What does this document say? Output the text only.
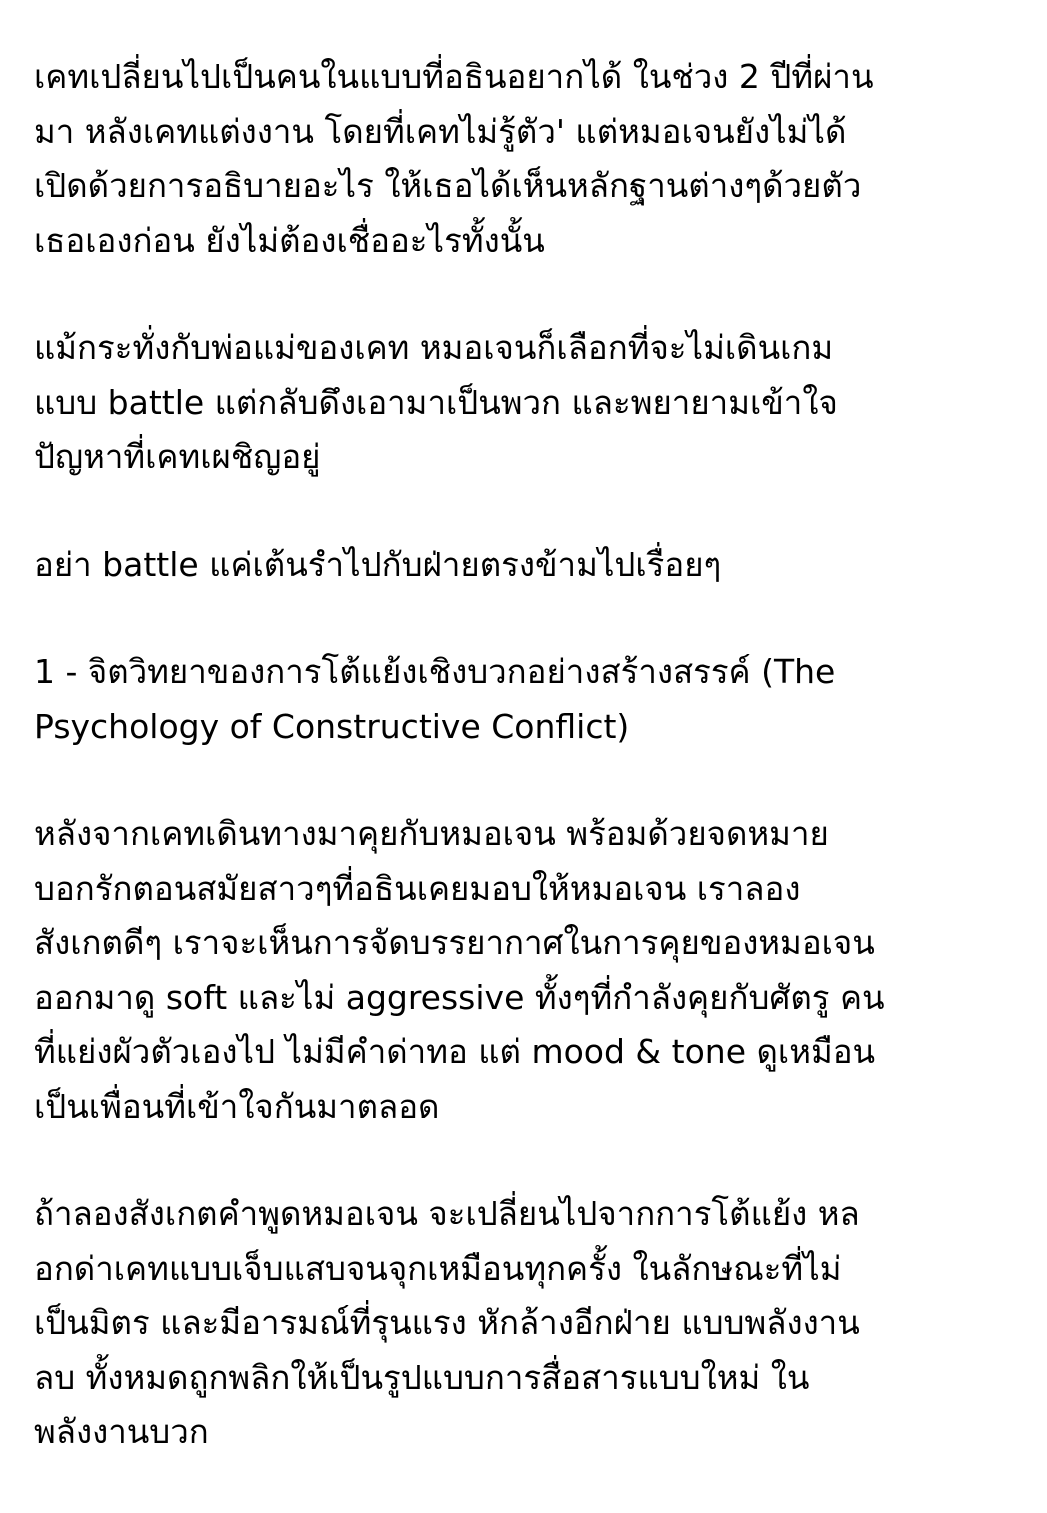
เคทเปลี่ยนไปเป็นคนในแบบที่อธินอยากได้ ในช่วง 2 ปีที่ผ่าน
มา หลังเคทแต่งงาน โดยที่เคทไม่รู้ตัว' แต่หมอเจนยังไม่ได้
เปิดด้วยการอธิบายอะไร ให้เธอได้เห็นหลักฐานต่างๆด้วยตัว
เธอเองก่อน ยังไม่ต้องเชื่ออะไรทั้งนั้น

แม้กระทั่งกับพ่อแม่ของเคท หมอเจนก็เลือกที่จะไม่เดินเกม
แบบ battle แต่กลับดึงเอามาเป็นพวก และพยายามเข้าใจ
ปัญหาที่เคทเผชิญอยู่

อย่า battle แค่เต้นรำไปกับฝ่ายตรงข้ามไปเรื่อยๆ

1 - จิตวิทยาของการโต้แย้งเชิงบวกอย่างสร้างสรรค์ (The
Psychology of Constructive Conflict)

หลังจากเคทเดินทางมาคุยกับหมอเจน พร้อมด้วยจดหมาย
บอกรักตอนสมัยสาวๆที่อธินเคยมอบให้หมอเจน เราลอง
สังเกตดีๆ เราจะเห็นการจัดบรรยากาศในการคุยของหมอเจน
ออกมาดู soft และไม่ aggressive ทั้งๆที่กำลังคุยกับศัตรู คน
ที่แย่งผัวตัวเองไป ไม่มีคำด่าทอ แต่ mood & tone ดูเหมือน
เป็นเพื่อนที่เข้าใจกันมาตลอด

ถ้าลองสังเกตคำพูดหมอเจน จะเปลี่ยนไปจากการโต้แย้ง หล
อกด่าเคทแบบเจ็บแสบจนจุกเหมือนทุกครั้ง ในลักษณะที่ไม่
เป็นมิตร และมีอารมณ์ที่รุนแรง หักล้างอีกฝ่าย แบบพลังงาน
ลบ ทั้งหมดถูกพลิกให้เป็นรูปแบบการสื่อสารแบบใหม่ ใน
พลังงานบวก
